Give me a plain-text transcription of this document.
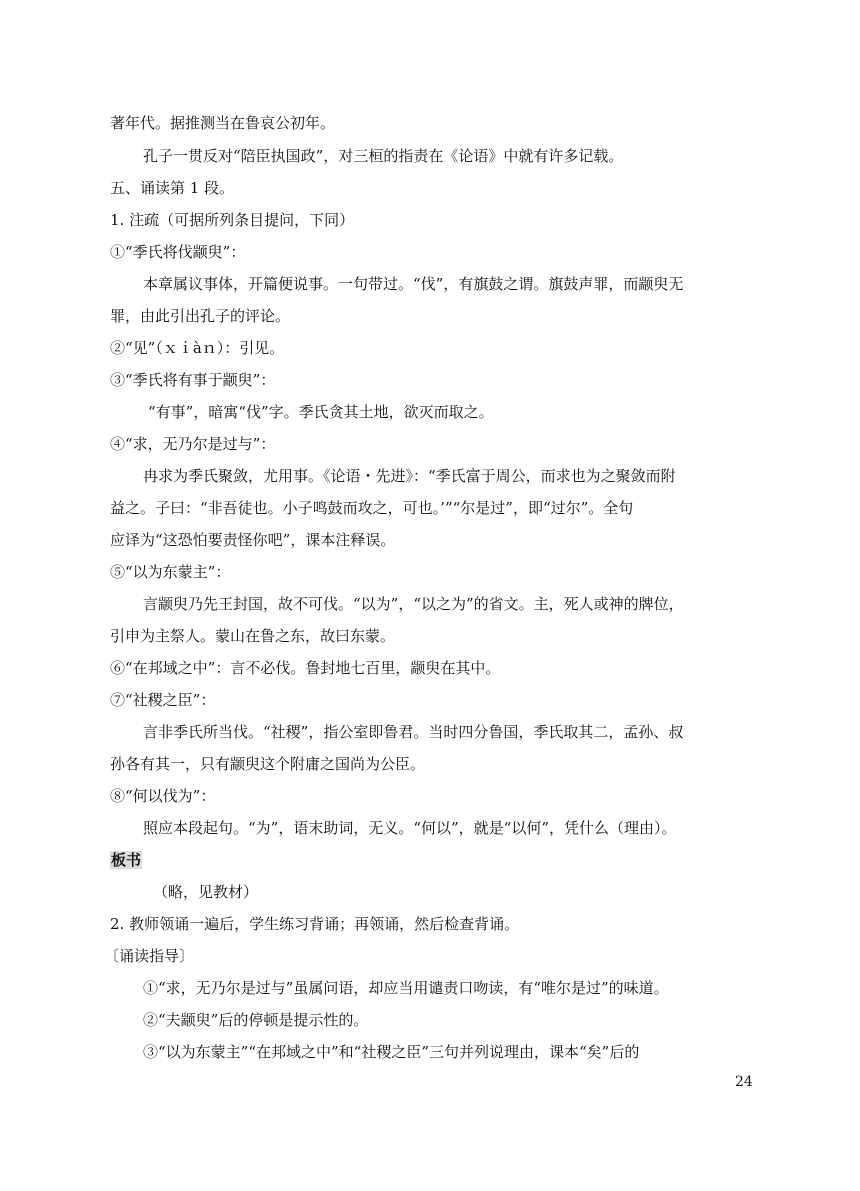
著年代。据推测当在鲁哀公初年。
孔子一贯反对“陪臣执国政”，对三桓的指责在《论语》中就有许多记载。
五、诵读第 1 段。
1. 注疏（可据所列条目提问，下同）
①“季氏将伐颛臾”：
本章属议事体，开篇便说事。一句带过。“伐”，有旗鼓之谓。旗鼓声罪，而颛臾无
罪，由此引出孔子的评论。
②“见”（ｘｉàｎ）：引见。
③“季氏将有事于颛臾”：
“有事”，暗寓“伐”字。季氏贪其土地，欲灭而取之。
④“求，无乃尔是过与”：
冉求为季氏聚敛，尤用事。《论语・先进》：“季氏富于周公，而求也为之聚敛而附
益之。子曰：“非吾徒也。小子鸣鼓而攻之，可也。’”“尔是过”，即“过尔”。全句
应译为“这恐怕要责怪你吧”，课本注释误。
⑤“以为东蒙主”：
言颛臾乃先王封国，故不可伐。“以为”，“以之为”的省文。主，死人或神的牌位，
引申为主祭人。蒙山在鲁之东，故曰东蒙。
⑥“在邦域之中”：言不必伐。鲁封地七百里，颛臾在其中。
⑦“社稷之臣”：
言非季氏所当伐。“社稷”，指公室即鲁君。当时四分鲁国，季氏取其二，孟孙、叔
孙各有其一，只有颛臾这个附庸之国尚为公臣。
⑧“何以伐为”：
照应本段起句。“为”，语末助词，无义。“何以”，就是“以何”，凭什么（理由）。
板书
（略，见教材）
2. 教师领诵一遍后，学生练习背诵；再领诵，然后检查背诵。
〔诵读指导〕
①“求，无乃尔是过与”虽属问语，却应当用谴责口吻读，有“唯尔是过”的味道。
②“夫颛臾”后的停顿是提示性的。
③“以为东蒙主”“在邦域之中”和“社稷之臣”三句并列说理由，课本“矣”后的
24
